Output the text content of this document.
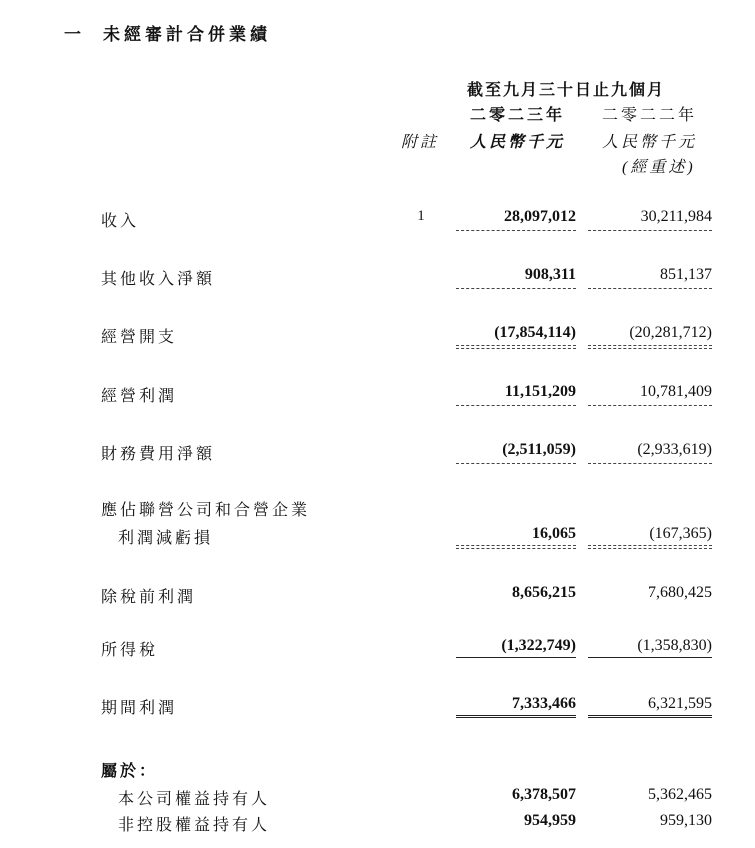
一 未經審計合併業績
截至九月三十日止九個月
二零二三年 二零二二年
附註 人民幣千元 人民幣千元
(經重述)
收入	1	28,097,012	30,211,984
其他收入淨額	908,311	851,137
經營開支	(17,854,114)	(20,281,712)
經營利潤	11,151,209	10,781,409
財務費用淨額	(2,511,059)	(2,933,619)
應佔聯營公司和合營企業
利潤減虧損	16,065	(167,365)
除稅前利潤	8,656,215	7,680,425
所得稅	(1,322,749)	(1,358,830)
期間利潤	7,333,466	6,321,595
屬於：
本公司權益持有人	6,378,507	5,362,465
非控股權益持有人	954,959	959,130
